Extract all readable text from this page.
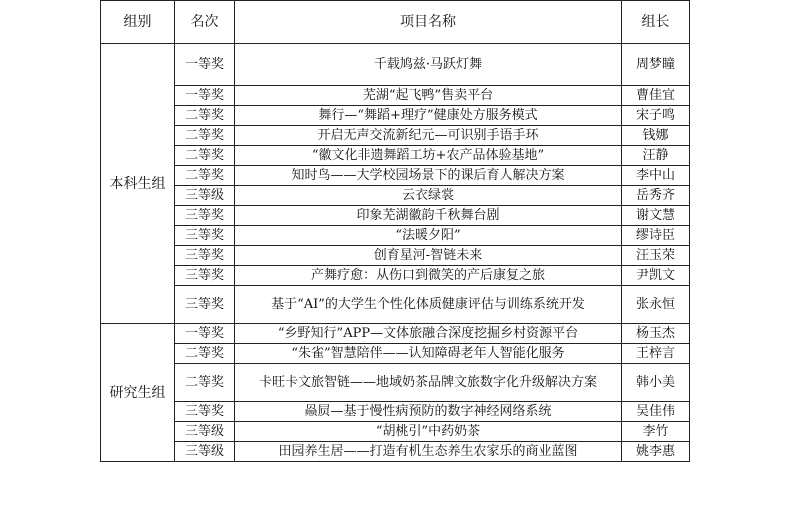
组别	名次	项目名称	组长
本科生组	一等奖	千载鸠兹·马跃灯舞	周梦瞳
	一等奖	芜湖“起飞鸭”售卖平台	曹佳宜
	二等奖	舞行—“舞蹈+理疗”健康处方服务模式	宋子鸣
	二等奖	开启无声交流新纪元—可识别手语手环	钱娜
	二等奖	“徽文化非遗舞蹈工坊+农产品体验基地”	汪静
	二等奖	知时鸟——大学校园场景下的课后育人解决方案	李中山
	三等级	云衣绿裳	岳秀齐
	三等奖	印象芜湖徽韵千秋舞台剧	谢文慧
	三等奖	“法暖夕阳”	缪诗臣
	三等奖	创育星河-智链未来	汪玉荣
	三等奖	产舞疗愈：从伤口到微笑的产后康复之旅	尹凯文
	三等奖	基于“AI”的大学生个性化体质健康评估与训练系统开发	张永恒
研究生组	一等奖	“乡野知行”APP—文体旅融合深度挖掘乡村资源平台	杨玉杰
	二等奖	“朱雀”智慧陪伴——认知障碍老年人智能化服务	王梓言
	二等奖	卡旺卡文旅智链——地域奶茶品牌文旅数字化升级解决方案	韩小美
	三等奖	赑屃—基于慢性病预防的数字神经网络系统	吴佳伟
	三等级	“胡桃引”中药奶茶	李竹
	三等级	田园养生居——打造有机生态养生农家乐的商业蓝图	姚李惠
